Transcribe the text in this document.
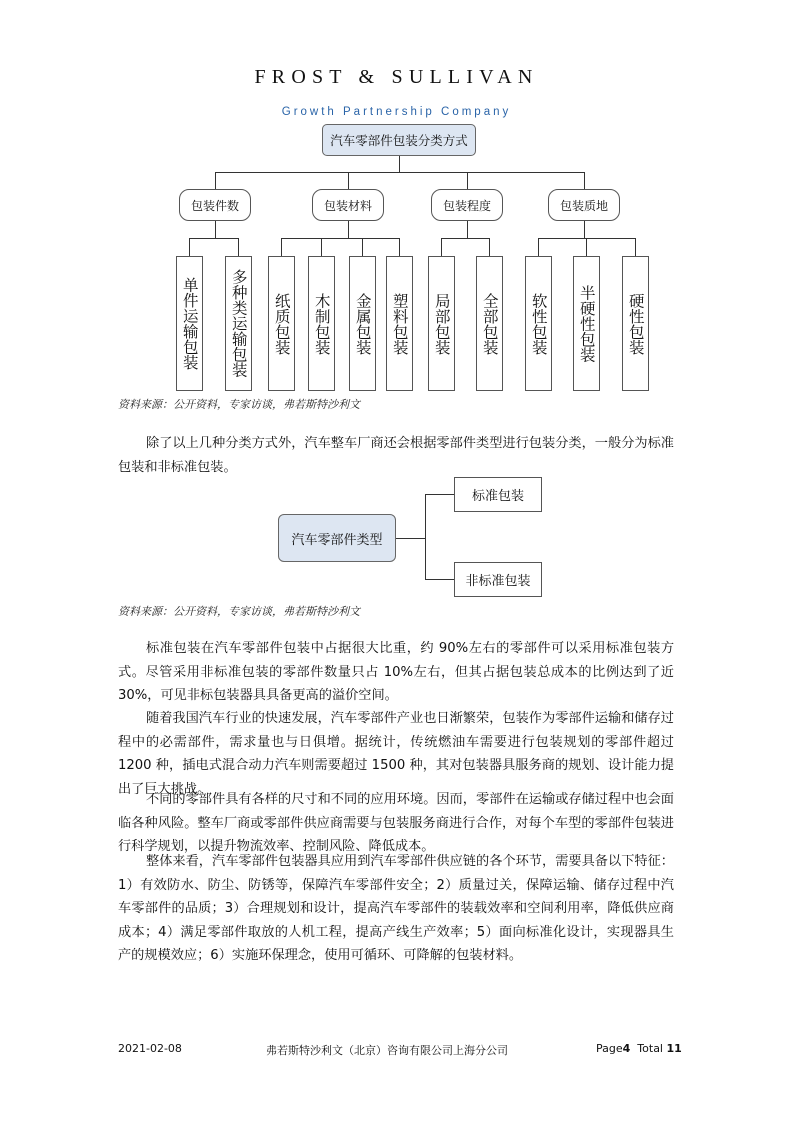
FROST & SULLIVAN
Growth Partnership Company
汽车零部件包装分类方式
包装件数	包装材料	包装程度	包装质地
单件运输包装	多种类运输包装	纸质包装	木制包装	金属包装	塑料包装	局部包装	全部包装	软性包装	半硬性包装	硬性包装
资料来源：公开资料，专家访谈，弗若斯特沙利文

除了以上几种分类方式外，汽车整车厂商还会根据零部件类型进行包装分类，一般分为标准包装和非标准包装。

汽车零部件类型
标准包装
非标准包装
资料来源：公开资料，专家访谈，弗若斯特沙利文

标准包装在汽车零部件包装中占据很大比重，约 90%左右的零部件可以采用标准包装方式。尽管采用非标准包装的零部件数量只占 10%左右，但其占据包装总成本的比例达到了近30%，可见非标包装器具具备更高的溢价空间。

随着我国汽车行业的快速发展，汽车零部件产业也日渐繁荣，包装作为零部件运输和储存过程中的必需部件，需求量也与日俱增。据统计，传统燃油车需要进行包装规划的零部件超过 1200 种，插电式混合动力汽车则需要超过 1500 种，其对包装器具服务商的规划、设计能力提出了巨大挑战。

不同的零部件具有各样的尺寸和不同的应用环境。因而，零部件在运输或存储过程中也会面临各种风险。整车厂商或零部件供应商需要与包装服务商进行合作，对每个车型的零部件包装进行科学规划，以提升物流效率、控制风险、降低成本。

整体来看，汽车零部件包装器具应用到汽车零部件供应链的各个环节，需要具备以下特征：1）有效防水、防尘、防锈等，保障汽车零部件安全；2）质量过关，保障运输、储存过程中汽车零部件的品质；3）合理规划和设计，提高汽车零部件的装载效率和空间利用率，降低供应商成本；4）满足零部件取放的人机工程，提高产线生产效率；5）面向标准化设计，实现器具生产的规模效应；6）实施环保理念，使用可循环、可降解的包装材料。

2021-02-08	弗若斯特沙利文（北京）咨询有限公司上海分公司	Page4 Total 11
